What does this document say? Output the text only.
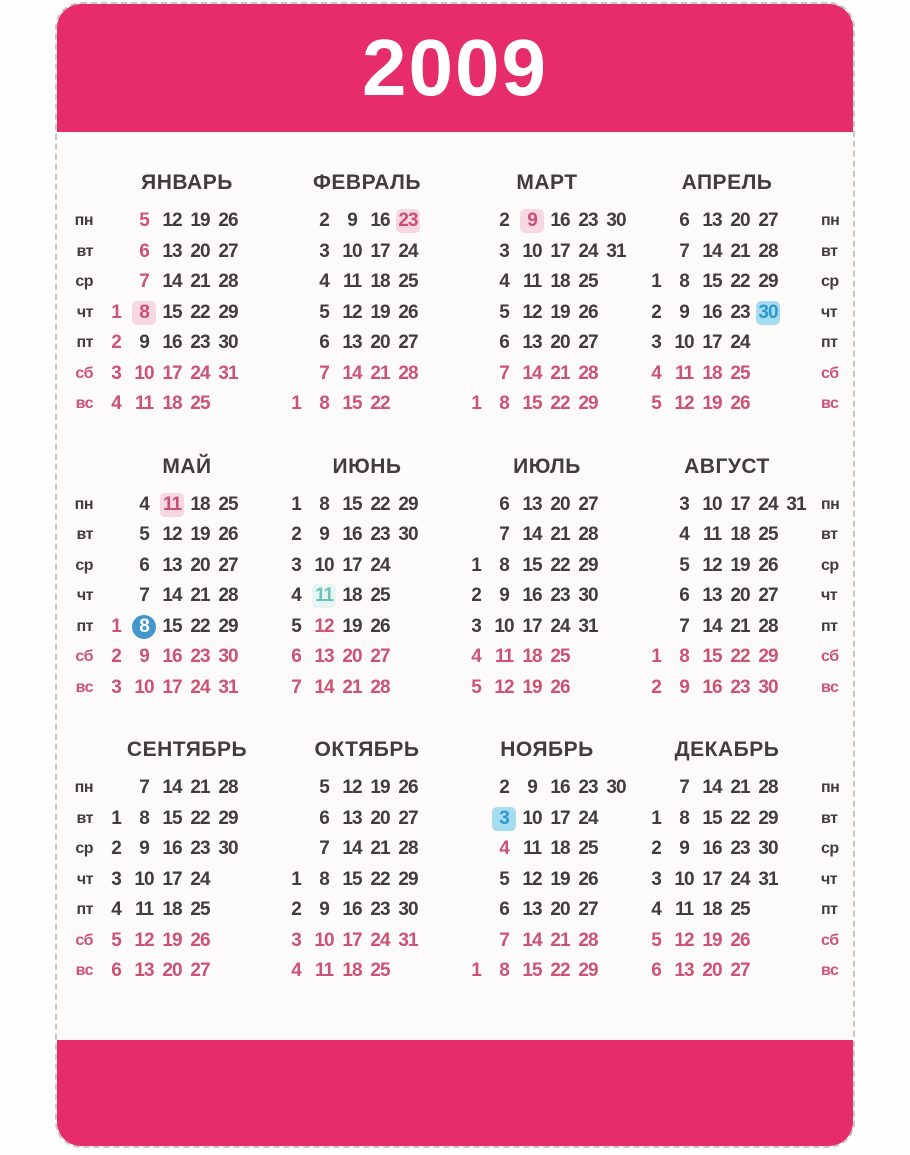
2009
пн
вт
ср
чт
пт
сб
вс
ЯНВАРЬ
5 12 19 26
6 13 20 27
7 14 21 28
1 8 15 22 29
2 9 16 23 30
3 10 17 24 31
4 11 18 25
ФЕВРАЛЬ
2 9 16 23
3 10 17 24
4 11 18 25
5 12 19 26
6 13 20 27
7 14 21 28
1 8 15 22
МАРТ
2 9 16 23 30
3 10 17 24 31
4 11 18 25
5 12 19 26
6 13 20 27
7 14 21 28
1 8 15 22 29
АПРЕЛЬ
6 13 20 27
7 14 21 28
1 8 15 22 29
2 9 16 23 30
3 10 17 24
4 11 18 25
5 12 19 26
пн
вт
ср
чт
пт
сб
вс
пн
вт
ср
чт
пт
сб
вс
МАЙ
4 11 18 25
5 12 19 26
6 13 20 27
7 14 21 28
1 8 15 22 29
2 9 16 23 30
3 10 17 24 31
ИЮНЬ
1 8 15 22 29
2 9 16 23 30
3 10 17 24
4 11 18 25
5 12 19 26
6 13 20 27
7 14 21 28
ИЮЛЬ
6 13 20 27
7 14 21 28
1 8 15 22 29
2 9 16 23 30
3 10 17 24 31
4 11 18 25
5 12 19 26
АВГУСТ
3 10 17 24 31
4 11 18 25
5 12 19 26
6 13 20 27
7 14 21 28
1 8 15 22 29
2 9 16 23 30
пн
вт
ср
чт
пт
сб
вс
пн
вт
ср
чт
пт
сб
вс
СЕНТЯБРЬ
7 14 21 28
1 8 15 22 29
2 9 16 23 30
3 10 17 24
4 11 18 25
5 12 19 26
6 13 20 27
ОКТЯБРЬ
5 12 19 26
6 13 20 27
7 14 21 28
1 8 15 22 29
2 9 16 23 30
3 10 17 24 31
4 11 18 25
НОЯБРЬ
2 9 16 23 30
3 10 17 24
4 11 18 25
5 12 19 26
6 13 20 27
7 14 21 28
1 8 15 22 29
ДЕКАБРЬ
7 14 21 28
1 8 15 22 29
2 9 16 23 30
3 10 17 24 31
4 11 18 25
5 12 19 26
6 13 20 27
пн
вт
ср
чт
пт
сб
вс
